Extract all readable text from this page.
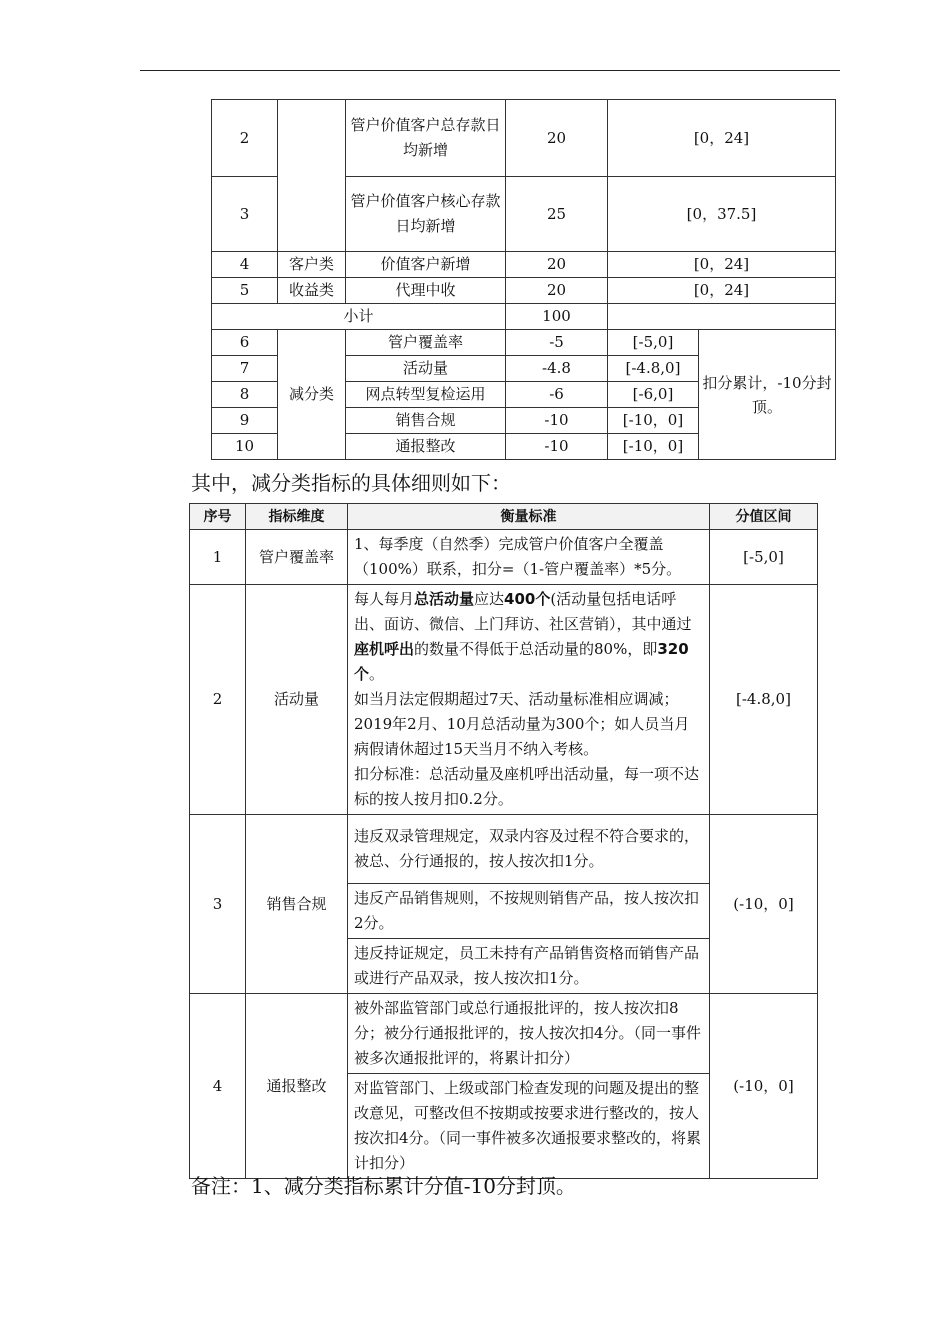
2		管户价值客户总存款日均新增	20	[0，24]	
3		管户价值客户核心存款日均新增	25	[0，37.5]	
4	客户类	价值客户新增	20	[0，24]	
5	收益类	代理中收	20	[0，24]	
小计			100		
6	减分类	管户覆盖率	-5	[-5,0]	扣分累计，-10分封顶。
7		活动量	-4.8	[-4.8,0]	
8		网点转型复检运用	-6	[-6,0]	
9		销售合规	-10	[-10，0]	
10		通报整改	-10	[-10，0]	
其中，减分类指标的具体细则如下：
序号	指标维度	衡量标准	分值区间
1	管户覆盖率	1、每季度（自然季）完成管户价值客户全覆盖（100%）联系，扣分=（1-管户覆盖率）*5分。	[-5,0]
2	活动量	每人每月总活动量应达400个(活动量包括电话呼出、面访、微信、上门拜访、社区营销），其中通过座机呼出的数量不得低于总活动量的80%，即320个。
如当月法定假期超过7天、活动量标准相应调减；2019年2月、10月总活动量为300个；如人员当月病假请休超过15天当月不纳入考核。
扣分标准：总活动量及座机呼出活动量，每一项不达标的按人按月扣0.2分。	[-4.8,0]
3	销售合规	违反双录管理规定，双录内容及过程不符合要求的，被总、分行通报的，按人按次扣1分。	(-10，0]
		违反产品销售规则，不按规则销售产品，按人按次扣2分。	
		违反持证规定，员工未持有产品销售资格而销售产品或进行产品双录，按人按次扣1分。	
4	通报整改	被外部监管部门或总行通报批评的，按人按次扣8分；被分行通报批评的，按人按次扣4分。（同一事件被多次通报批评的，将累计扣分）	(-10，0]
		对监管部门、上级或部门检查发现的问题及提出的整改意见，可整改但不按期或按要求进行整改的，按人按次扣4分。（同一事件被多次通报要求整改的，将累计扣分）	
备注：1、减分类指标累计分值-10分封顶。
